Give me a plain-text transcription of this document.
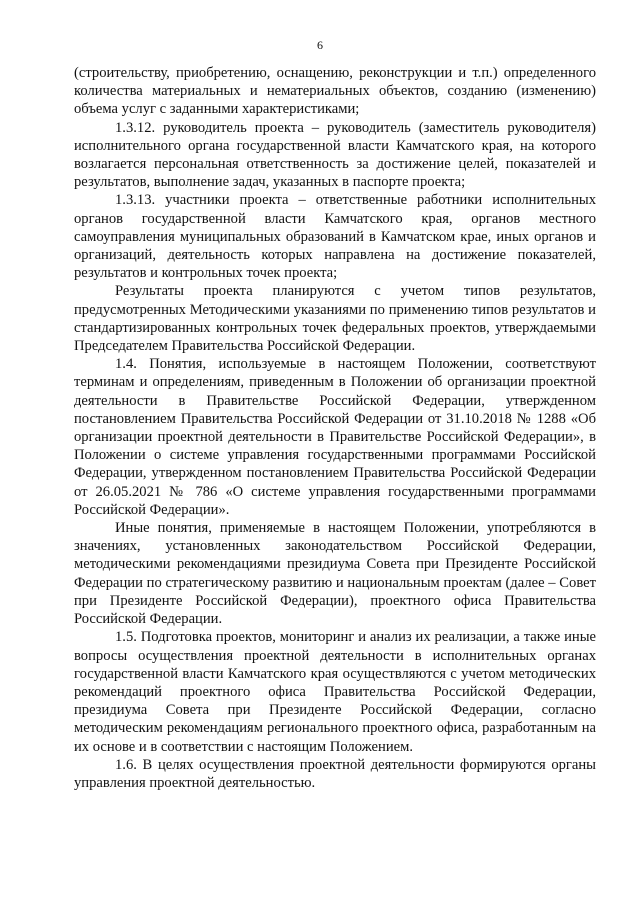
6

(строительству, приобретению, оснащению, реконструкции и т.п.) определенного количества материальных и нематериальных объектов, созданию (изменению) объема услуг с заданными характеристиками;

1.3.12. руководитель проекта – руководитель (заместитель руководителя) исполнительного органа государственной власти Камчатского края, на которого возлагается персональная ответственность за достижение целей, показателей и результатов, выполнение задач, указанных в паспорте проекта;

1.3.13. участники проекта – ответственные работники исполнительных органов государственной власти Камчатского края, органов местного самоуправления муниципальных образований в Камчатском крае, иных органов и организаций, деятельность которых направлена на достижение показателей, результатов и контрольных точек проекта;

Результаты проекта планируются с учетом типов результатов, предусмотренных Методическими указаниями по применению типов результатов и стандартизированных контрольных точек федеральных проектов, утверждаемыми Председателем Правительства Российской Федерации.

1.4. Понятия, используемые в настоящем Положении, соответствуют терминам и определениям, приведенным в Положении об организации проектной деятельности в Правительстве Российской Федерации, утвержденном постановлением Правительства Российской Федерации от 31.10.2018 № 1288 «Об организации проектной деятельности в Правительстве Российской Федерации», в Положении о системе управления государственными программами Российской Федерации, утвержденном постановлением Правительства Российской Федерации от 26.05.2021 № 786 «О системе управления государственными программами Российской Федерации».

Иные понятия, применяемые в настоящем Положении, употребляются в значениях, установленных законодательством Российской Федерации, методическими рекомендациями президиума Совета при Президенте Российской Федерации по стратегическому развитию и национальным проектам (далее – Совет при Президенте Российской Федерации), проектного офиса Правительства Российской Федерации.

1.5. Подготовка проектов, мониторинг и анализ их реализации, а также иные вопросы осуществления проектной деятельности в исполнительных органах государственной власти Камчатского края осуществляются с учетом методических рекомендаций проектного офиса Правительства Российской Федерации, президиума Совета при Президенте Российской Федерации, согласно методическим рекомендациям регионального проектного офиса, разработанным на их основе и в соответствии с настоящим Положением.

1.6. В целях осуществления проектной деятельности формируются органы управления проектной деятельностью.
